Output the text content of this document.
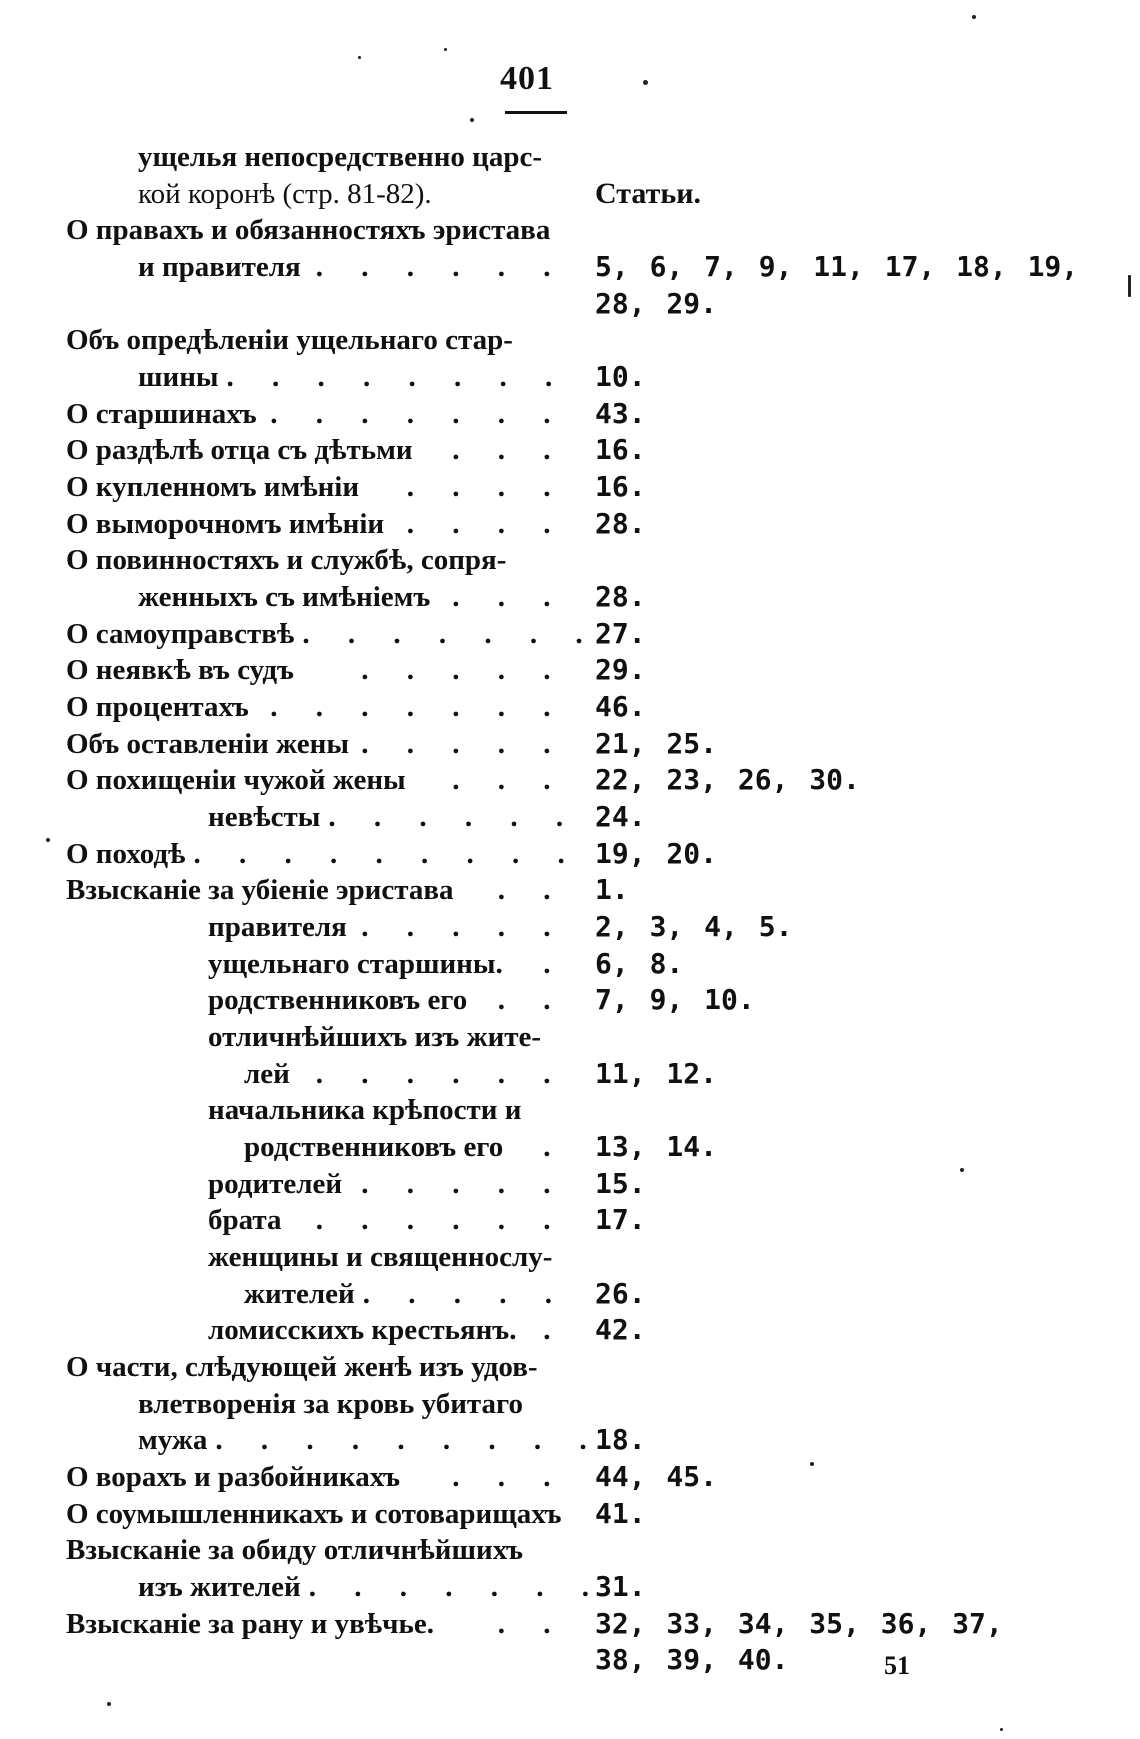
401
ущелья непосредственно царс-
кой коронѣ (стр. 81-82).	Статьи.
О правахъ и обязанностяхъ эристава
и правителя . . . . . . 5, 6, 7, 9, 11, 17, 18, 19,
28, 29.
Объ опредѣленіи ущельнаго стар-
шины . . . . . . . . 10.
О старшинахъ . . . . . . . 43.
О раздѣлѣ отца съ дѣтьми . . . 16.
О купленномъ имѣніи . . . . 16.
О выморочномъ имѣніи . . . . 28.
О повинностяхъ и службѣ, сопря-
женныхъ съ имѣніемъ . . . 28.
О самоуправствѣ . . . . . . .
27.
О неявкѣ въ судъ . . . . . 29.
О процентахъ . . . . . . . 46.
Объ оставленіи жены . . . . . 21, 25.
О похищеніи чужой жены . . . 22, 23, 26, 30.
невѣсты . . . . . . 24.
О походѣ . . . . . . . . . 19, 20.
Взысканіе за убіеніе эристава . . 1.
правителя . . . . . 2, 3, 4, 5.
ущельнаго старшины. . 6, 8.
родственниковъ его . . 7, 9, 10.
отличнѣйшихъ изъ жите-
лей . . . . . . 11, 12.
начальника крѣпости и
родственниковъ его . 13, 14.
родителей . . . . . 15.
брата . . . . . . 17.
женщины и священнослу-
жителей . . . . . 26.
ломисскихъ крестьянъ. . 42.
О части, слѣдующей женѣ изъ удов-
влетворенія за кровь убитаго
мужа . . . . . . . . .
18.
О ворахъ и разбойникахъ . . . 44, 45.
О соумышленникахъ и сотоварищахъ 41.
Взысканіе за обиду отличнѣйшихъ
изъ жителей . . . . . . .
31.
Взысканіе за рану и увѣчье. . . 32, 33, 34, 35, 36, 37,
38, 39, 40.	51
